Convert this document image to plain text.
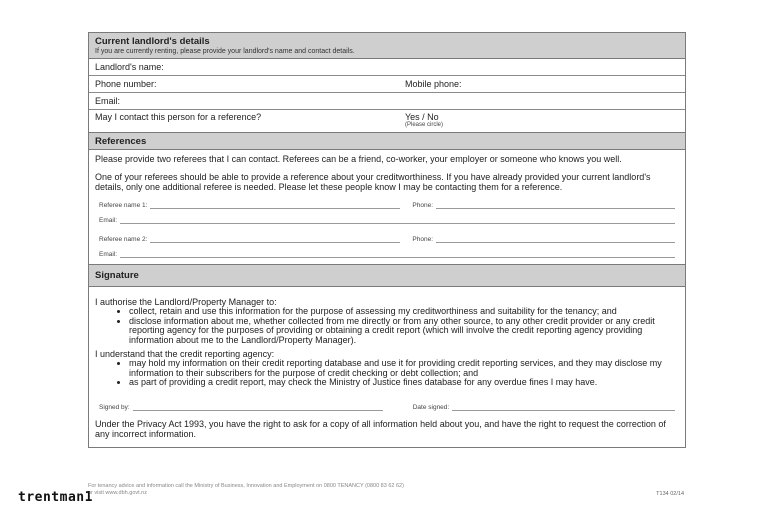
Current landlord's details
If you are currently renting, please provide your landlord's name and contact details.
Landlord's name:
Phone number:	Mobile phone:
Email:
May I contact this person for a reference?	Yes / No
(Please circle)
References

Please provide two referees that I can contact. Referees can be a friend, co-worker, your employer or someone who knows you well.

One of your referees should be able to provide a reference about your creditworthiness. If you have already provided your current landlord's details, only one additional referee is needed. Please let these people know I may be contacting them for a reference.

Referee name 1:	Phone:
Email:
Referee name 2:	Phone:
Email:
Signature

I authorise the Landlord/Property Manager to:

• collect, retain and use this information for the purpose of assessing my creditworthiness and suitability for the tenancy; and
• disclose information about me, whether collected from me directly or from any other source, to any other credit provider or any credit reporting agency for the purposes of providing or obtaining a credit report (which will involve the credit reporting agency providing information about me to the Landlord/Property Manager).

I understand that the credit reporting agency:

• may hold my information on their credit reporting database and use it for providing credit reporting services, and they may disclose my information to their subscribers for the purpose of credit checking or debt collection; and
• as part of providing a credit report, may check the Ministry of Justice fines database for any overdue fines I may have.
Signed by:	Date signed:

Under the Privacy Act 1993, you have the right to ask for a copy of all information held about you, and have the right to request the correction of any incorrect information.

For tenancy advice and information call the Ministry of Business, Innovation and Employment on 0800 TENANCY (0800 83 62 62)
or visit www.dbh.govt.nz	T134 02/14
trentman1
